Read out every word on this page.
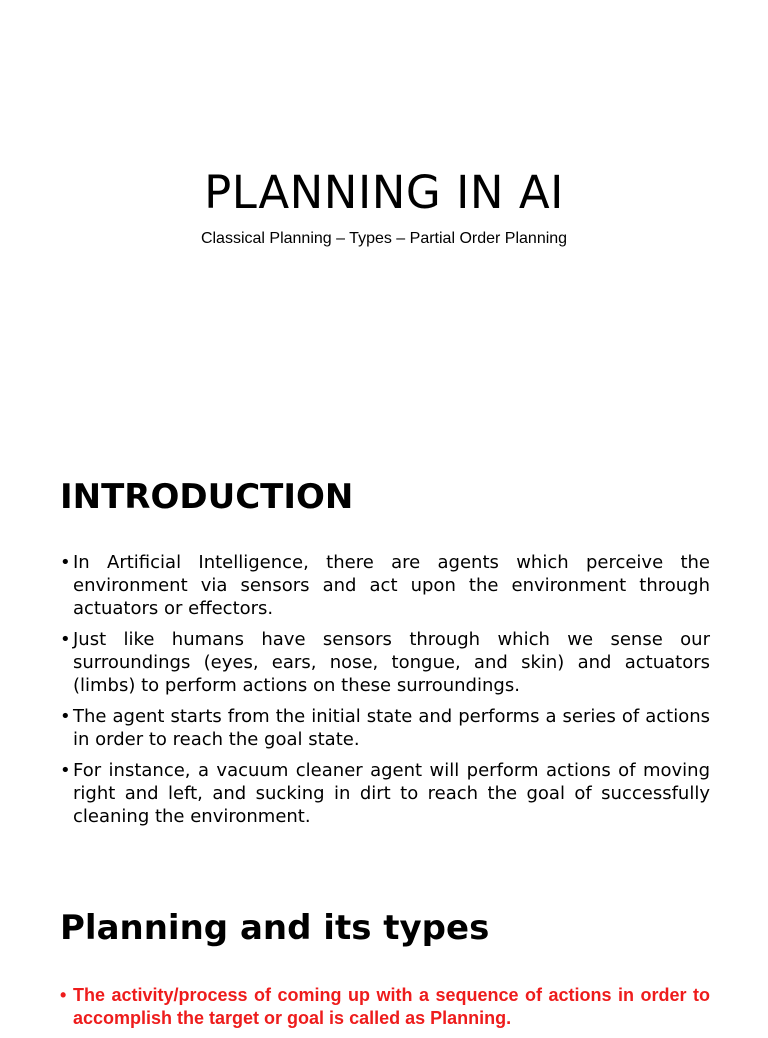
PLANNING IN AI
Classical Planning – Types – Partial Order Planning
INTRODUCTION
• In Artificial Intelligence, there are agents which perceive the environment via sensors and act upon the environment through actuators or effectors.
• Just like humans have sensors through which we sense our surroundings (eyes, ears, nose, tongue, and skin) and actuators (limbs) to perform actions on these surroundings.
• The agent starts from the initial state and performs a series of actions in order to reach the goal state.
• For instance, a vacuum cleaner agent will perform actions of moving right and left, and sucking in dirt to reach the goal of successfully cleaning the environment.
Planning and its types
• The activity/process of coming up with a sequence of actions in order to accomplish the target or goal is called as Planning.
